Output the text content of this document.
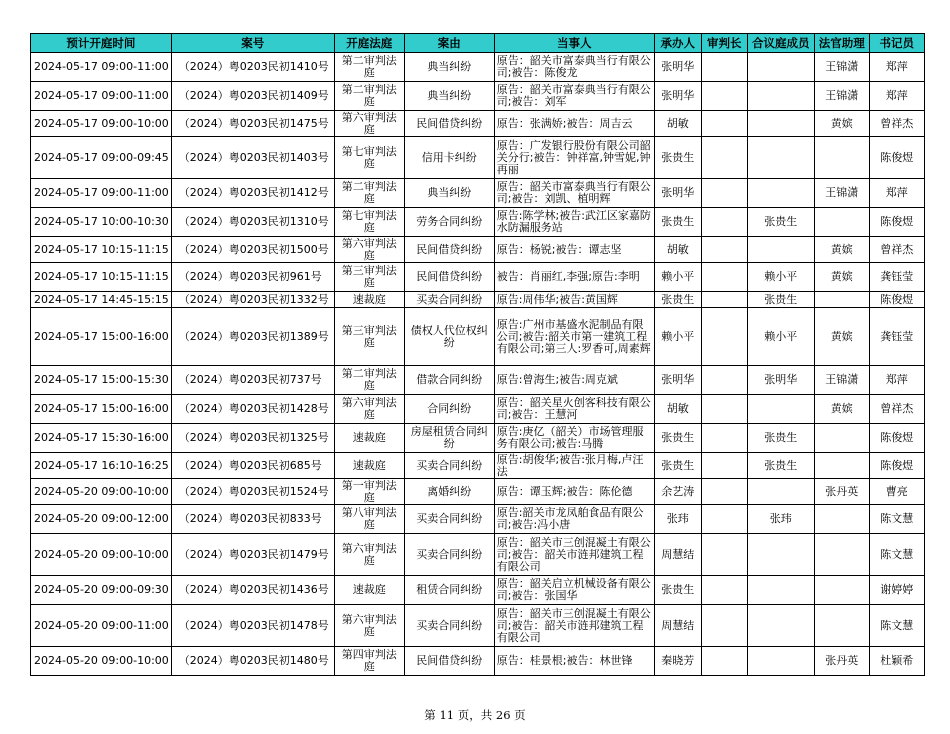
预计开庭时间	案号	开庭法庭	案由	当事人	承办人	审判长	合议庭成员	法官助理	书记员
2024-05-17 09:00-11:00	（2024）粤0203民初1410号	第二审判法庭	典当纠纷	原告：韶关市富泰典当行有限公司;被告：陈俊龙	张明华			王锦潇	郑萍
2024-05-17 09:00-11:00	（2024）粤0203民初1409号	第二审判法庭	典当纠纷	原告：韶关市富泰典当行有限公司;被告：刘军	张明华			王锦潇	郑萍
2024-05-17 09:00-10:00	（2024）粤0203民初1475号	第六审判法庭	民间借贷纠纷	原告：张满娇;被告：周吉云	胡敏			黄嫔	曾祥杰
2024-05-17 09:00-09:45	（2024）粤0203民初1403号	第七审判法庭	信用卡纠纷	原告：广发银行股份有限公司韶关分行;被告：钟祥富,钟雪妮,钟再丽	张贵生				陈俊煜
2024-05-17 09:00-11:00	（2024）粤0203民初1412号	第二审判法庭	典当纠纷	原告：韶关市富泰典当行有限公司;被告：刘凯、植明辉	张明华			王锦潇	郑萍
2024-05-17 10:00-10:30	（2024）粤0203民初1310号	第七审判法庭	劳务合同纠纷	原告:陈学林;被告:武江区家嘉防水防漏服务站	张贵生		张贵生		陈俊煜
2024-05-17 10:15-11:15	（2024）粤0203民初1500号	第六审判法庭	民间借贷纠纷	原告：杨锐;被告：谭志坚	胡敏			黄嫔	曾祥杰
2024-05-17 10:15-11:15	（2024）粤0203民初961号	第三审判法庭	民间借贷纠纷	被告：肖丽红,李强;原告:李明	赖小平		赖小平	黄嫔	龚钰莹
2024-05-17 14:45-15:15	（2024）粤0203民初1332号	速裁庭	买卖合同纠纷	原告:周伟华;被告:黄国辉	张贵生		张贵生		陈俊煜
2024-05-17 15:00-16:00	（2024）粤0203民初1389号	第三审判法庭	债权人代位权纠纷	原告:广州市基盛水泥制品有限公司;被告:韶关市第一建筑工程有限公司;第三人:罗香可,周素辉	赖小平		赖小平	黄嫔	龚钰莹
2024-05-17 15:00-15:30	（2024）粤0203民初737号	第二审判法庭	借款合同纠纷	原告:曾海生;被告:周克斌	张明华		张明华	王锦潇	郑萍
2024-05-17 15:00-16:00	（2024）粤0203民初1428号	第六审判法庭	合同纠纷	原告：韶关星火创客科技有限公司;被告：王慧河	胡敏			黄嫔	曾祥杰
2024-05-17 15:30-16:00	（2024）粤0203民初1325号	速裁庭	房屋租赁合同纠纷	原告:庚亿（韶关）市场管理服务有限公司;被告:马腾	张贵生		张贵生		陈俊煜
2024-05-17 16:10-16:25	（2024）粤0203民初685号	速裁庭	买卖合同纠纷	原告:胡俊华;被告:张月梅,卢汪法	张贵生		张贵生		陈俊煜
2024-05-20 09:00-10:00	（2024）粤0203民初1524号	第一审判法庭	离婚纠纷	原告：谭玉辉;被告：陈伦德	余艺涛			张丹英	曹亮
2024-05-20 09:00-12:00	（2024）粤0203民初833号	第八审判法庭	买卖合同纠纷	原告:韶关市龙凤舶食品有限公司;被告:冯小唐	张玮		张玮		陈文慧
2024-05-20 09:00-10:00	（2024）粤0203民初1479号	第六审判法庭	买卖合同纠纷	原告：韶关市三创混凝土有限公司;被告：韶关市涟邦建筑工程有限公司	周慧结				陈文慧
2024-05-20 09:00-09:30	（2024）粤0203民初1436号	速裁庭	租赁合同纠纷	原告：韶关启立机械设备有限公司;被告：张国华	张贵生				谢婷婷
2024-05-20 09:00-11:00	（2024）粤0203民初1478号	第六审判法庭	买卖合同纠纷	原告：韶关市三创混凝土有限公司;被告：韶关市涟邦建筑工程有限公司	周慧结				陈文慧
2024-05-20 09:00-10:00	（2024）粤0203民初1480号	第四审判法庭	民间借贷纠纷	原告：桂景根;被告：林世锋	秦晓芳			张丹英	杜颖希
第 11 页，共 26 页
